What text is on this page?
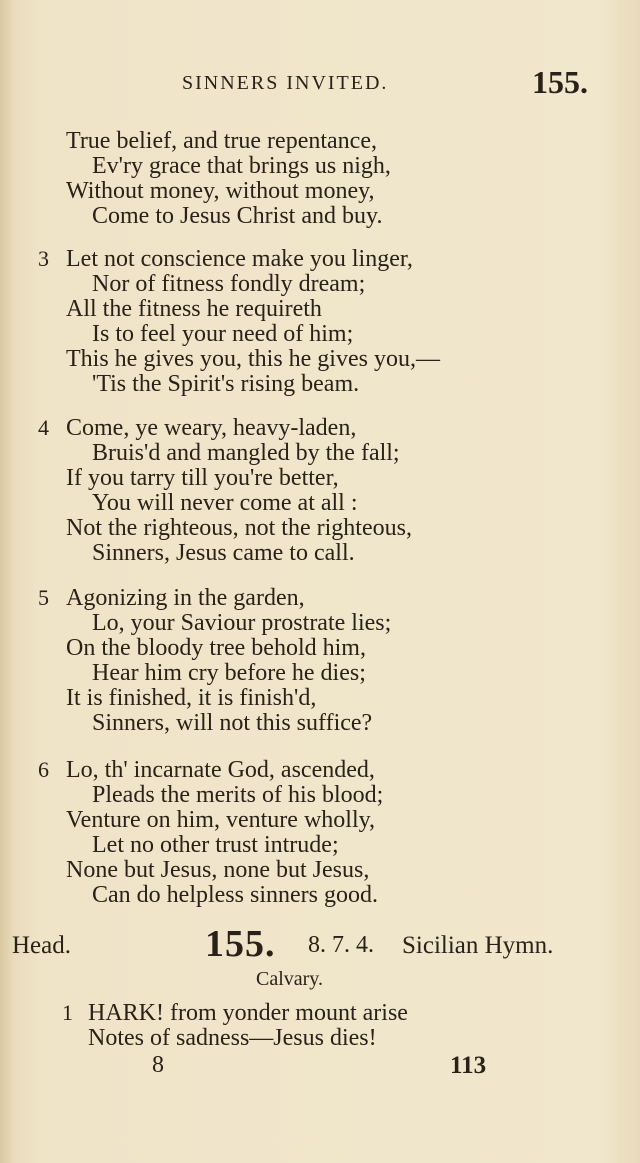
SINNERS INVITED.	155.
True belief, and true repentance,
Ev'ry grace that brings us nigh,
Without money, without money,
Come to Jesus Christ and buy.
3 Let not conscience make you linger,
Nor of fitness fondly dream;
All the fitness he requireth
Is to feel your need of him;
This he gives you, this he gives you,—
'Tis the Spirit's rising beam.
4 Come, ye weary, heavy-laden,
Bruis'd and mangled by the fall;
If you tarry till you're better,
You will never come at all :
Not the righteous, not the righteous,
Sinners, Jesus came to call.
5 Agonizing in the garden,
Lo, your Saviour prostrate lies;
On the bloody tree behold him,
Hear him cry before he dies;
It is finished, it is finish'd,
Sinners, will not this suffice?
6 Lo, th' incarnate God, ascended,
Pleads the merits of his blood;
Venture on him, venture wholly,
Let no other trust intrude;
None but Jesus, none but Jesus,
Can do helpless sinners good.
Head.	155. 8. 7. 4. Sicilian Hymn.
Calvary.
1 HARK! from yonder mount arise
Notes of sadness—Jesus dies!
8	113
